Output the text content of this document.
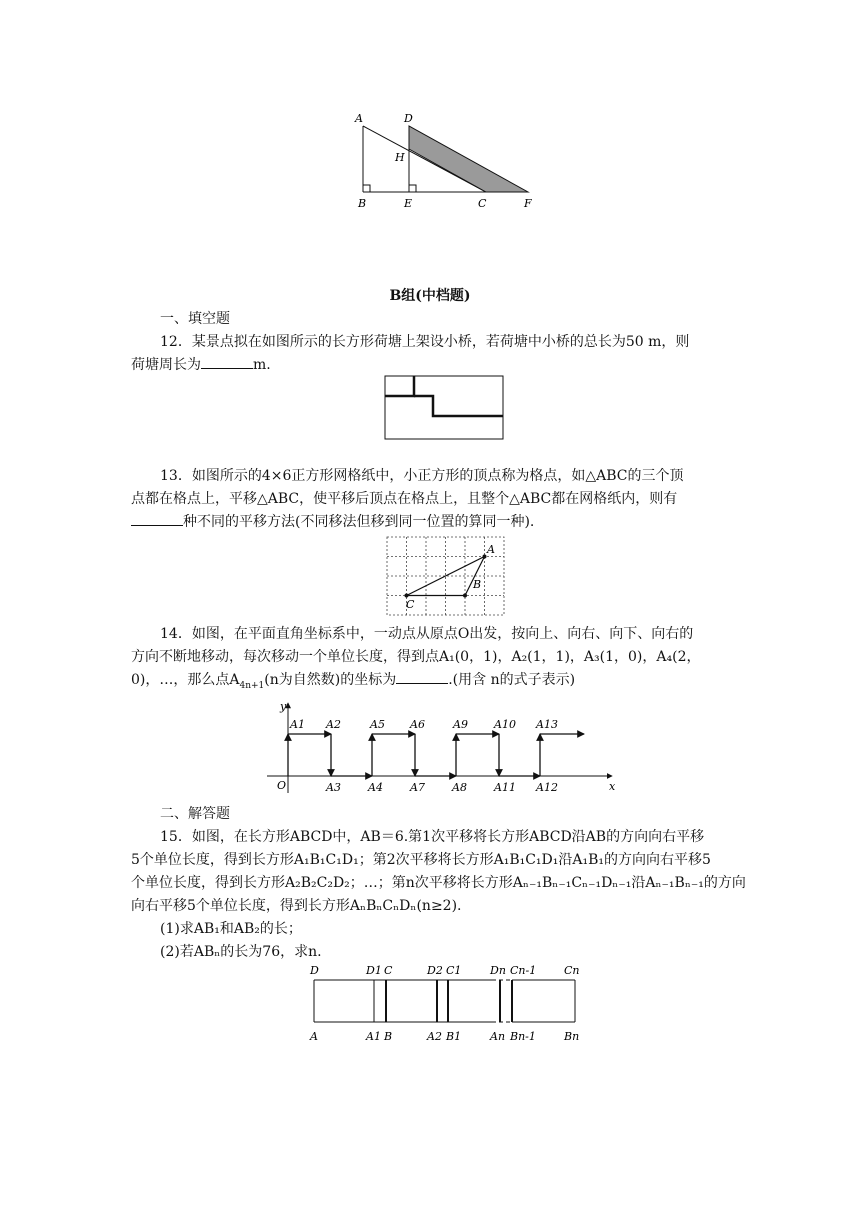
A	D
H
B	E	C	F
B组(中档题)
一、填空题
12．某景点拟在如图所示的长方形荷塘上架设小桥，若荷塘中小桥的总长为50 m，则
荷塘周长为	m.
13．如图所示的4×6正方形网格纸中，小正方形的顶点称为格点，如△ABC的三个顶
点都在格点上，平移△ABC，使平移后顶点在格点上，且整个△ABC都在网格纸内，则有
种不同的平移方法(不同移法但移到同一位置的算同一种).
A
B
C
14．如图，在平面直角坐标系中，一动点从原点O出发，按向上、向右、向下、向右的
方向不断地移动，每次移动一个单位长度，得到点A₁(0，1)，A₂(1，1)，A₃(1，0)，A₄(2，
0)，…，那么点$A_{4n+1}(n$为自然数)的坐标为	.(用含 n的式子表示)
y
x
O
A1 A2	A5 A6	A9 A10 A13
A3 A4 A7 A8 A11 A12
二、解答题
15．如图，在长方形ABCD中，AB＝6.第1次平移将长方形ABCD沿AB的方向向右平移
5个单位长度，得到长方形A₁B₁C₁D₁；第2次平移将长方形A₁B₁C₁D₁沿A₁B₁的方向向右平移5
个单位长度，得到长方形A₂B₂C₂D₂；…；第n次平移将长方形Aₙ₋₁Bₙ₋₁Cₙ₋₁Dₙ₋₁沿Aₙ₋₁Bₙ₋₁的方向
向右平移5个单位长度，得到长方形AₙBₙCₙDₙ(n≥2).
(1)求AB₁和AB₂的长；
(2)若ABₙ的长为76，求n.
D	D1 C	D2 C1	Dn Cn-1	Cn
A	A1 B	A2 B1	An Bn-1	Bn
